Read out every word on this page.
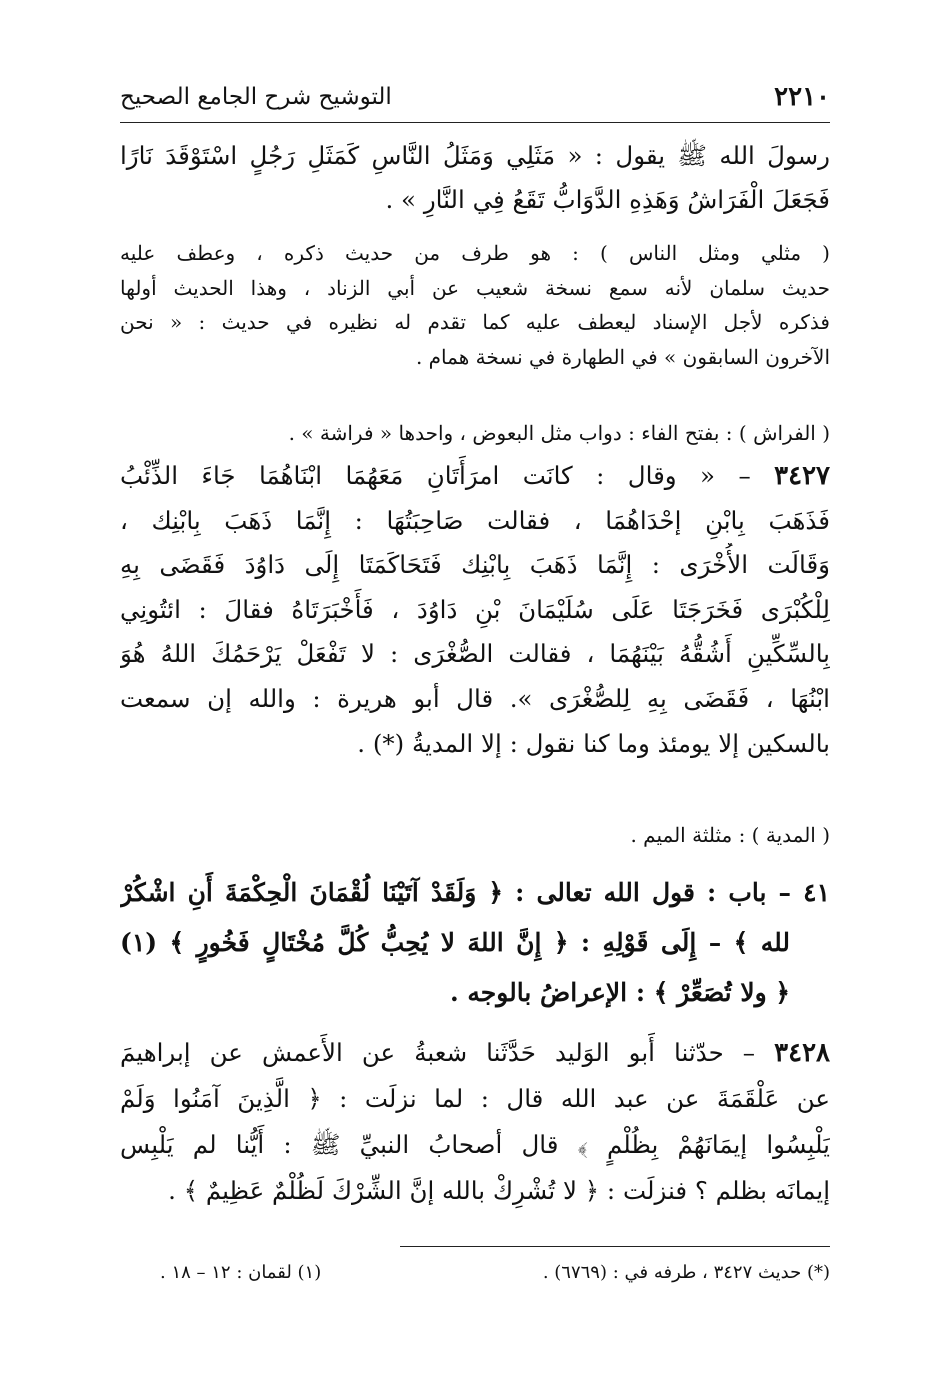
٢٢١٠
التوشيح شرح الجامع الصحيح
رسولَ الله ﷺ يقول : « مَثَلِي وَمَثَلُ النَّاسِ كَمَثَلِ رَجُلٍ اسْتَوْقَدَ نَارًا
فَجَعَلَ الْفَرَاشُ وَهَذِهِ الدَّوَابُّ تَقَعُ فِي النَّارِ » .
( مثلي ومثل الناس ) : هو طرف من حديث ذكره ، وعطف عليه
حديث سلمان لأنه سمع نسخة شعيب عن أبي الزناد ، وهذا الحديث أولها
فذكره لأجل الإسناد ليعطف عليه كما تقدم له نظيره في حديث : « نحن
الآخرون السابقون » في الطهارة في نسخة همام .
( الفراش ) : بفتح الفاء : دواب مثل البعوض ، واحدها « فراشة » .
٣٤٢٧ – « وقال : كانَت امرَأَتَانِ مَعَهُمَا ابْنَاهُمَا جَاءَ الذِّئْبُ
فَذَهَبَ بِابْنِ إحْدَاهُمَا ، فقالت صَاحِبَتُهَا : إِنَّمَا ذَهَبَ بِابْنِك ،
وَقَالَت الأُخْرَى : إِنَّمَا ذَهَبَ بِابْنِك فَتَحَاكَمَتَا إِلَى دَاوُدَ فَقَضَى بِهِ
لِلْكُبْرَى فَخَرَجَتَا عَلَى سُلَيْمَانَ بْنِ دَاوُدَ ، فَأَخْبَرَتَاهُ فقالَ : ائتُونِي
بِالسِّكِّينِ أَشُقُّهُ بَيْنَهُمَا ، فقالت الصُّغْرَى : لا تَفْعَلْ يَرْحَمُكَ اللهُ هُوَ
ابْنُهَا ، فَقَضَى بِهِ لِلصُّغْرَى ». قال أبو هريرة : والله إن سمعت
بالسكين إلا يومئذ وما كنا نقول : إلا المديةُ (*) .
( المدية ) : مثلثة الميم .
٤١ – باب : قول الله تعالى : ﴿ وَلَقَدْ آتَيْنَا لُقْمَانَ الْحِكْمَةَ أَنِ اشْكُرْ
لله ﴾ – إِلَى قَوْلِهِ : ﴿ إِنَّ اللهَ لا يُحِبُّ كُلَّ مُخْتَالٍ فَخُورٍ ﴾ (١)
﴿ ولا تُصَعِّرْ ﴾ : الإعراضُ بالوجه .
٣٤٢٨ – حدّثنا أَبو الوَليد حَدَّثَنا شعبةُ عن الأَعمش عن إبراهيمَ
عن عَلْقَمَةَ عن عبد الله قال : لما نزلَت : ﴿ الَّذِينَ آمَنُوا وَلَمْ
يَلْبِسُوا إيمَانَهُمْ بِظُلْمٍ ﴾ قال أصحابُ النبيِّ ﷺ : أَيُّنا لم يَلْبِس
إيمانَه بظلم ؟ فنزلَت : ﴿ لا تُشْرِكْ بالله إنَّ الشِّرْكَ لَظُلْمٌ عَظِيمٌ ﴾ .
(*) حديث ٣٤٢٧ ، طرفه في : (٦٧٦٩) .
(١) لقمان : ١٢ – ١٨ .
